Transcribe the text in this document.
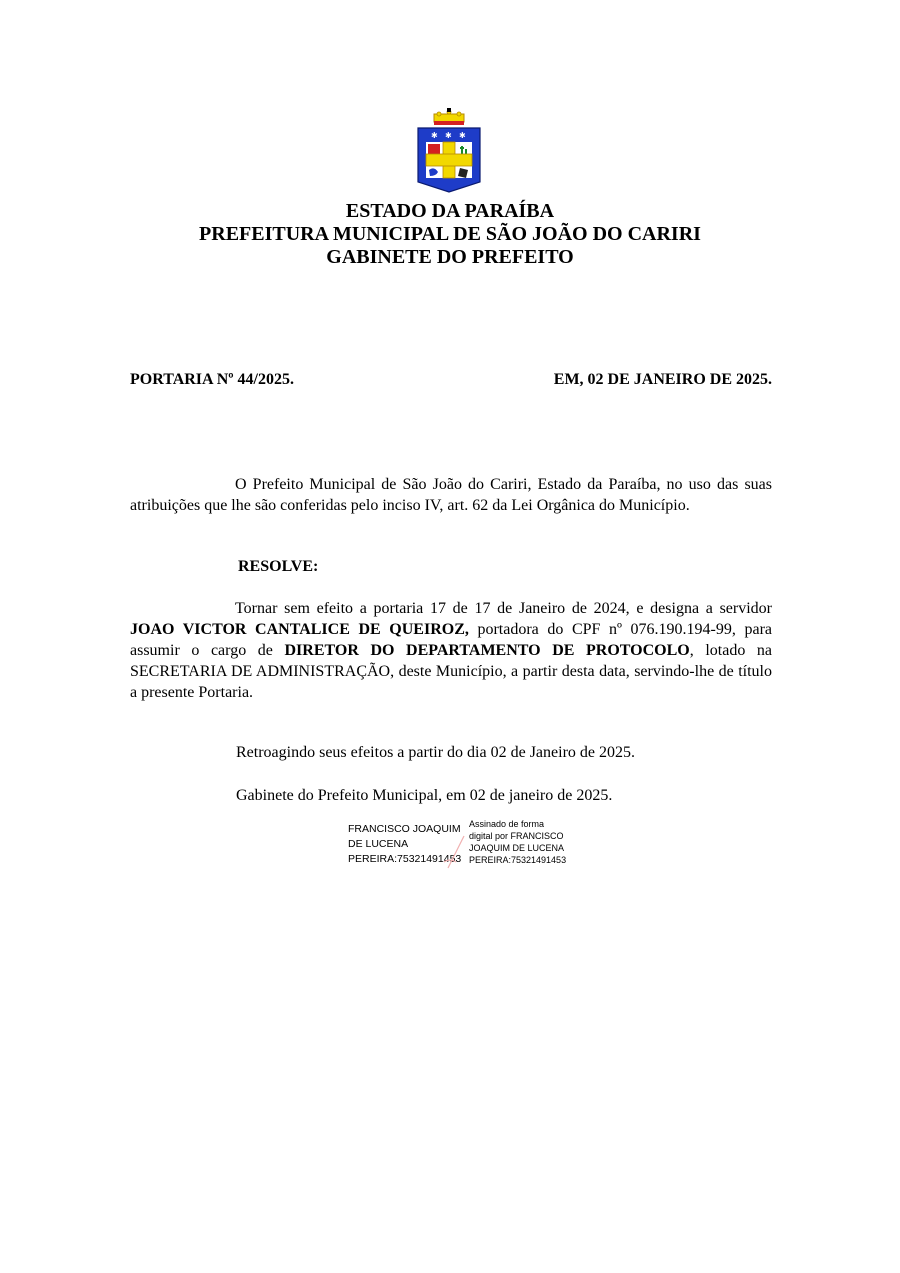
✱ ✱ ✱
ESTADO DA PARAÍBA
PREFEITURA MUNICIPAL DE SÃO JOÃO DO CARIRI
GABINETE DO PREFEITO
PORTARIA Nº 44/2025.	EM, 02 DE JANEIRO DE 2025.
O Prefeito Municipal de São João do Cariri, Estado da Paraíba, no uso das suas atribuições que lhe são conferidas pelo inciso IV, art. 62 da Lei Orgânica do Município.
RESOLVE:
Tornar sem efeito a portaria 17 de 17 de Janeiro de 2024, e designa a servidor JOAO VICTOR CANTALICE DE QUEIROZ, portadora do CPF nº 076.190.194-99, para assumir o cargo de DIRETOR DO DEPARTAMENTO DE PROTOCOLO, lotado na SECRETARIA DE ADMINISTRAÇÃO, deste Município, a partir desta data, servindo-lhe de título a presente Portaria.
Retroagindo seus efeitos a partir do dia 02 de Janeiro de 2025.
Gabinete do Prefeito Municipal, em 02 de janeiro de 2025.
FRANCISCO JOAQUIM
DE LUCENA
PEREIRA:75321491453
Assinado de forma
digital por FRANCISCO
JOAQUIM DE LUCENA
PEREIRA:75321491453
